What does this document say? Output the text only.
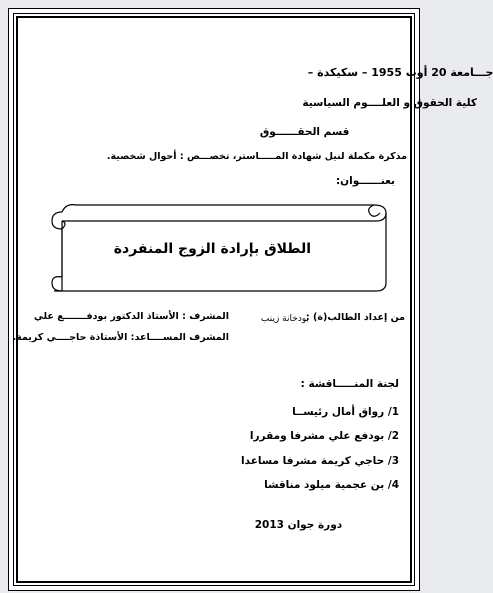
جـــامعة 20 أوت 1955 – سكيكدة –
كلية الحقوق و العلــــوم السياسية
قسم الحقــــــوق
مذكرة مكملة لنيل شهادة المـــــاستر، تخصـــص : أحوال شخصية.
بعنــــــوان:
الطلاق بإرادة الزوج المنفردة
من إعداد الطالب(ة) :
بودخانة زينب
المشرف : الأستاذ الدكتور بودفـــــــع علي
المشرف المســــاعد: الأستاذة حاجــــي كريمة.
لجنة المنـــــاقشة :
1/ رواق أمال رئيســا
2/ بودفع علي مشرفا ومقررا
3/ حاجي كريمة مشرفا مساعدا
4/ بن عجمية ميلود مناقشا
دورة جوان 2013
